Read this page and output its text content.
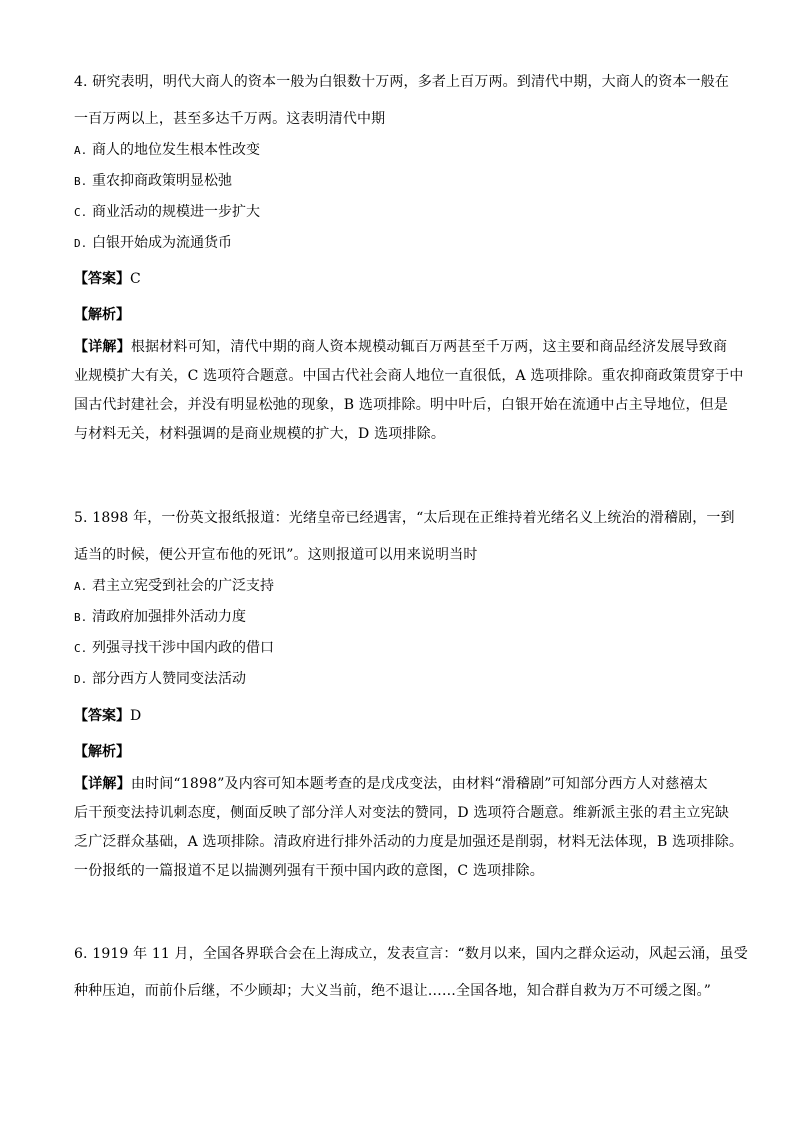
4. 研究表明，明代大商人的资本一般为白银数十万两，多者上百万两。到清代中期，大商人的资本一般在
一百万两以上，甚至多达千万两。这表明清代中期
A. 商人的地位发生根本性改变
B. 重农抑商政策明显松弛
C. 商业活动的规模进一步扩大
D. 白银开始成为流通货币
【答案】C
【解析】
【详解】根据材料可知，清代中期的商人资本规模动辄百万两甚至千万两，这主要和商品经济发展导致商
业规模扩大有关，C 选项符合题意。中国古代社会商人地位一直很低，A 选项排除。重农抑商政策贯穿于中
国古代封建社会，并没有明显松弛的现象，B 选项排除。明中叶后，白银开始在流通中占主导地位，但是
与材料无关，材料强调的是商业规模的扩大，D 选项排除。
5. 1898 年，一份英文报纸报道：光绪皇帝已经遇害，“太后现在正维持着光绪名义上统治的滑稽剧，一到
适当的时候，便公开宣布他的死讯”。这则报道可以用来说明当时
A. 君主立宪受到社会的广泛支持
B. 清政府加强排外活动力度
C. 列强寻找干涉中国内政的借口
D. 部分西方人赞同变法活动
【答案】D
【解析】
【详解】由时间“1898”及内容可知本题考查的是戊戌变法，由材料“滑稽剧”可知部分西方人对慈禧太
后干预变法持讥刺态度，侧面反映了部分洋人对变法的赞同，D 选项符合题意。维新派主张的君主立宪缺
乏广泛群众基础，A 选项排除。清政府进行排外活动的力度是加强还是削弱，材料无法体现，B 选项排除。
一份报纸的一篇报道不足以揣测列强有干预中国内政的意图，C 选项排除。
6. 1919 年 11 月，全国各界联合会在上海成立，发表宣言：“数月以来，国内之群众运动，风起云涌，虽受
种种压迫，而前仆后继，不少顾却；大义当前，绝不退让……全国各地，知合群自救为万不可缓之图。”
